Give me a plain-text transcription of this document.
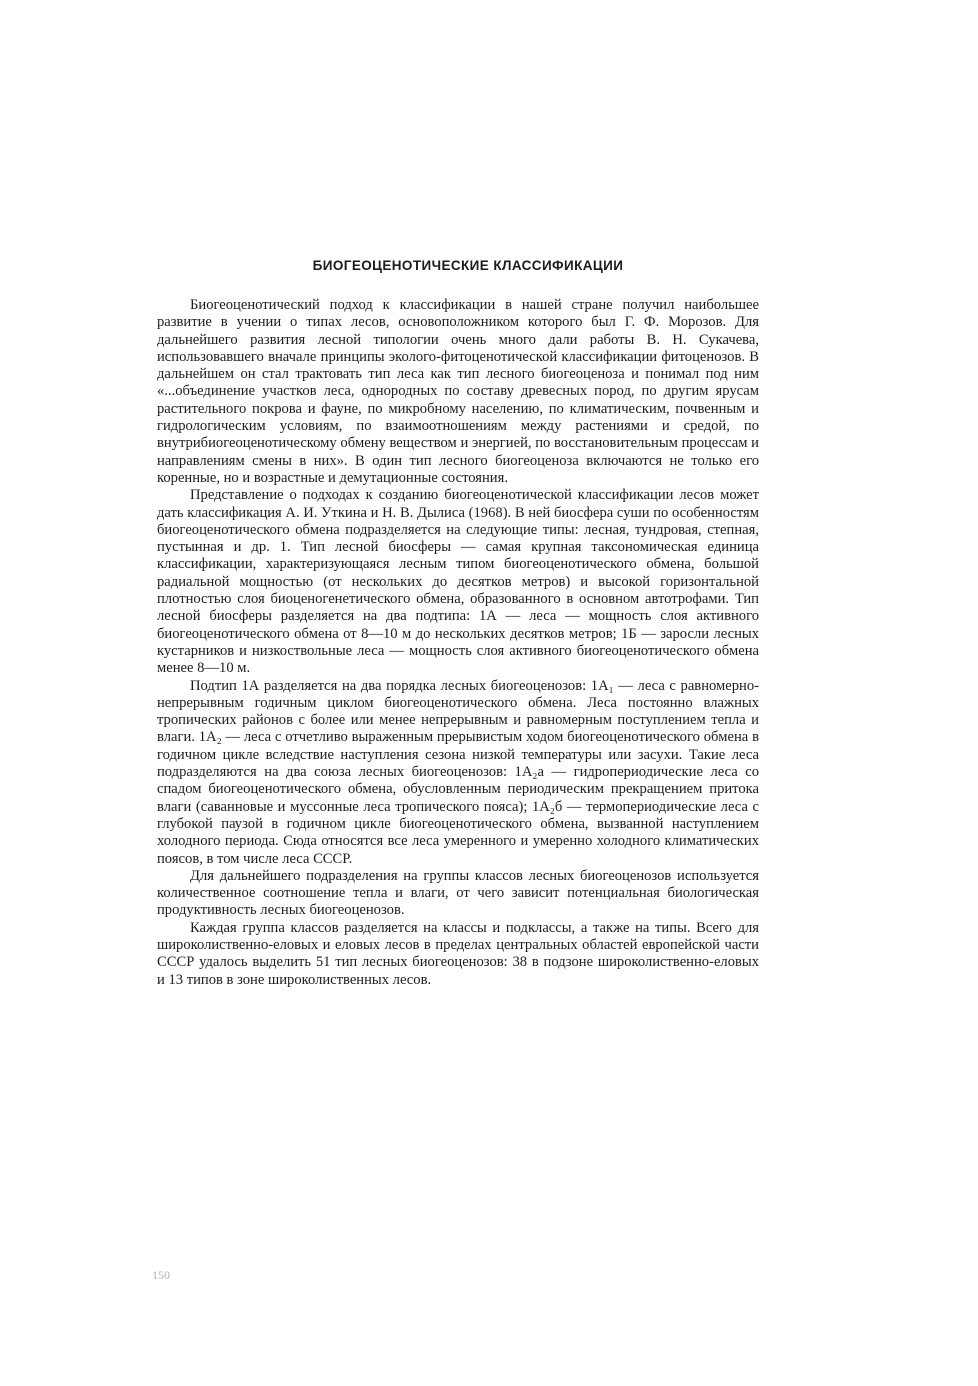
БИОГЕОЦЕНОТИЧЕСКИЕ КЛАССИФИКАЦИИ

Биогеоценотический подход к классификации в нашей стране получил наибольшее развитие в учении о типах лесов, основоположником которого был Г. Ф. Морозов. Для дальнейшего развития лесной типологии очень много дали работы В. Н. Сукачева, использовавшего вначале принципы эколого-фитоценотической классификации фитоценозов. В дальнейшем он стал трактовать тип леса как тип лесного биогеоценоза и понимал под ним «...объединение участков леса, однородных по составу древесных пород, по другим ярусам растительного покрова и фауне, по микробному населению, по климатическим, почвенным и гидрологическим условиям, по взаимоотношениям между растениями и средой, по внутрибиогеоценотическому обмену веществом и энергией, по восстановительным процессам и направлениям смены в них». В один тип лесного биогеоценоза включаются не только его коренные, но и возрастные и демутационные состояния.

Представление о подходах к созданию биогеоценотической классификации лесов может дать классификация А. И. Уткина и Н. В. Дылиса (1968). В ней биосфера суши по особенностям биогеоценотического обмена подразделяется на следующие типы: лесная, тундровая, степная, пустынная и др. 1. Тип лесной биосферы — самая крупная таксономическая единица классификации, характеризующаяся лесным типом биогеоценотического обмена, большой радиальной мощностью (от нескольких до десятков метров) и высокой горизонтальной плотностью слоя биоценогенетического обмена, образованного в основном автотрофами. Тип лесной биосферы разделяется на два подтипа: 1А — леса — мощность слоя активного биогеоценотического обмена от 8—10 м до нескольких десятков метров; 1Б — заросли лесных кустарников и низкоствольные леса — мощность слоя активного биогеоценотического обмена менее 8—10 м.

Подтип 1А разделяется на два порядка лесных биогеоценозов: 1А₁ — леса с равномерно-непрерывным годичным циклом биогеоценотического обмена. Леса постоянно влажных тропических районов с более или менее непрерывным и равномерным поступлением тепла и влаги. 1А₂ — леса с отчетливо выраженным прерывистым ходом биогеоценотического обмена в годичном цикле вследствие наступления сезона низкой температуры или засухи. Такие леса подразделяются на два союза лесных биогеоценозов: 1А₂а — гидропериодические леса со спадом биогеоценотического обмена, обусловленным периодическим прекращением притока влаги (саванновые и муссонные леса тропического пояса); 1А₂б — термопериодические леса с глубокой паузой в годичном цикле биогеоценотического обмена, вызванной наступлением холодного периода. Сюда относятся все леса умеренного и умеренно холодного климатических поясов, в том числе леса СССР.

Для дальнейшего подразделения на группы классов лесных биогеоценозов используется количественное соотношение тепла и влаги, от чего зависит потенциальная биологическая продуктивность лесных биогеоценозов.

Каждая группа классов разделяется на классы и подклассы, а также на типы. Всего для широколиственно-еловых и еловых лесов в пределах центральных областей европейской части СССР удалось выделить 51 тип лесных биогеоценозов: 38 в подзоне широколиственно-еловых и 13 типов в зоне широколиственных лесов.

150
